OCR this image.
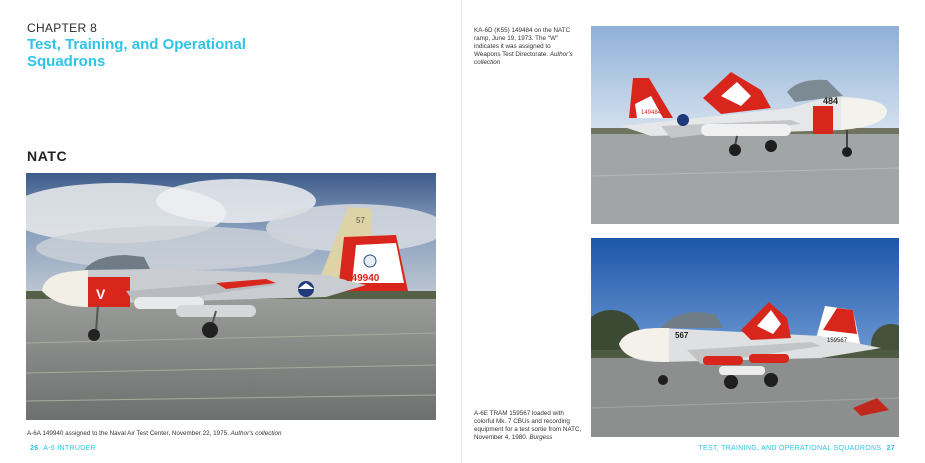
CHAPTER 8
Test, Training, and Operational Squadrons
NATC
V
149940
57
A-6A 149940 assigned to the Naval Air Test Center, November 22, 1975. Author's collection
26 A-6 INTRUDER
KA-6D (K55) 149484 on the NATC ramp, June 19, 1973. The "W" indicates it was assigned to Weapons Test Directorate. Author's collection
149484
484
159567
567
A-6E TRAM 159567 loaded with colorful Mk. 7 CBUs and recording equipment for a test sortie from NATC, November 4, 1980. Burgess
TEST, TRAINING, AND OPERATIONAL SQUADRONS 27
